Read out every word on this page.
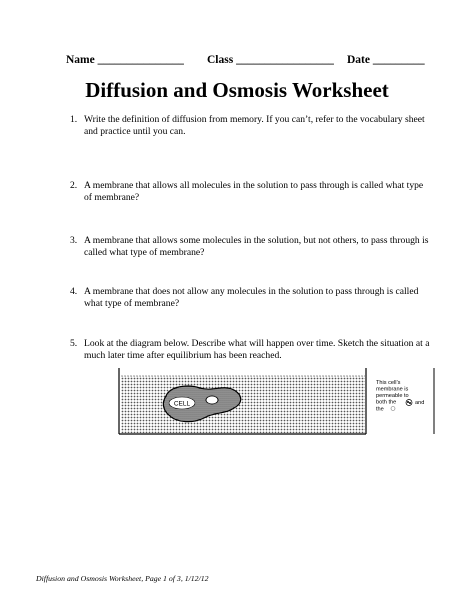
Name _______________ Class _________________ Date _________
Diffusion and Osmosis Worksheet
1. Write the definition of diffusion from memory. If you can’t, refer to the vocabulary sheet and practice until you can.
2. A membrane that allows all molecules in the solution to pass through is called what type of membrane?
3. A membrane that allows some molecules in the solution, but not others, to pass through is called what type of membrane?
4. A membrane that does not allow any molecules in the solution to pass through is called what type of membrane?
5. Look at the diagram below. Describe what will happen over time. Sketch the situation at a much later time after equilibrium has been reached.
CELL
This cell’s membrane is permeable to both the	and
the
Diffusion and Osmosis Worksheet, Page 1 of 3, 1/12/12
